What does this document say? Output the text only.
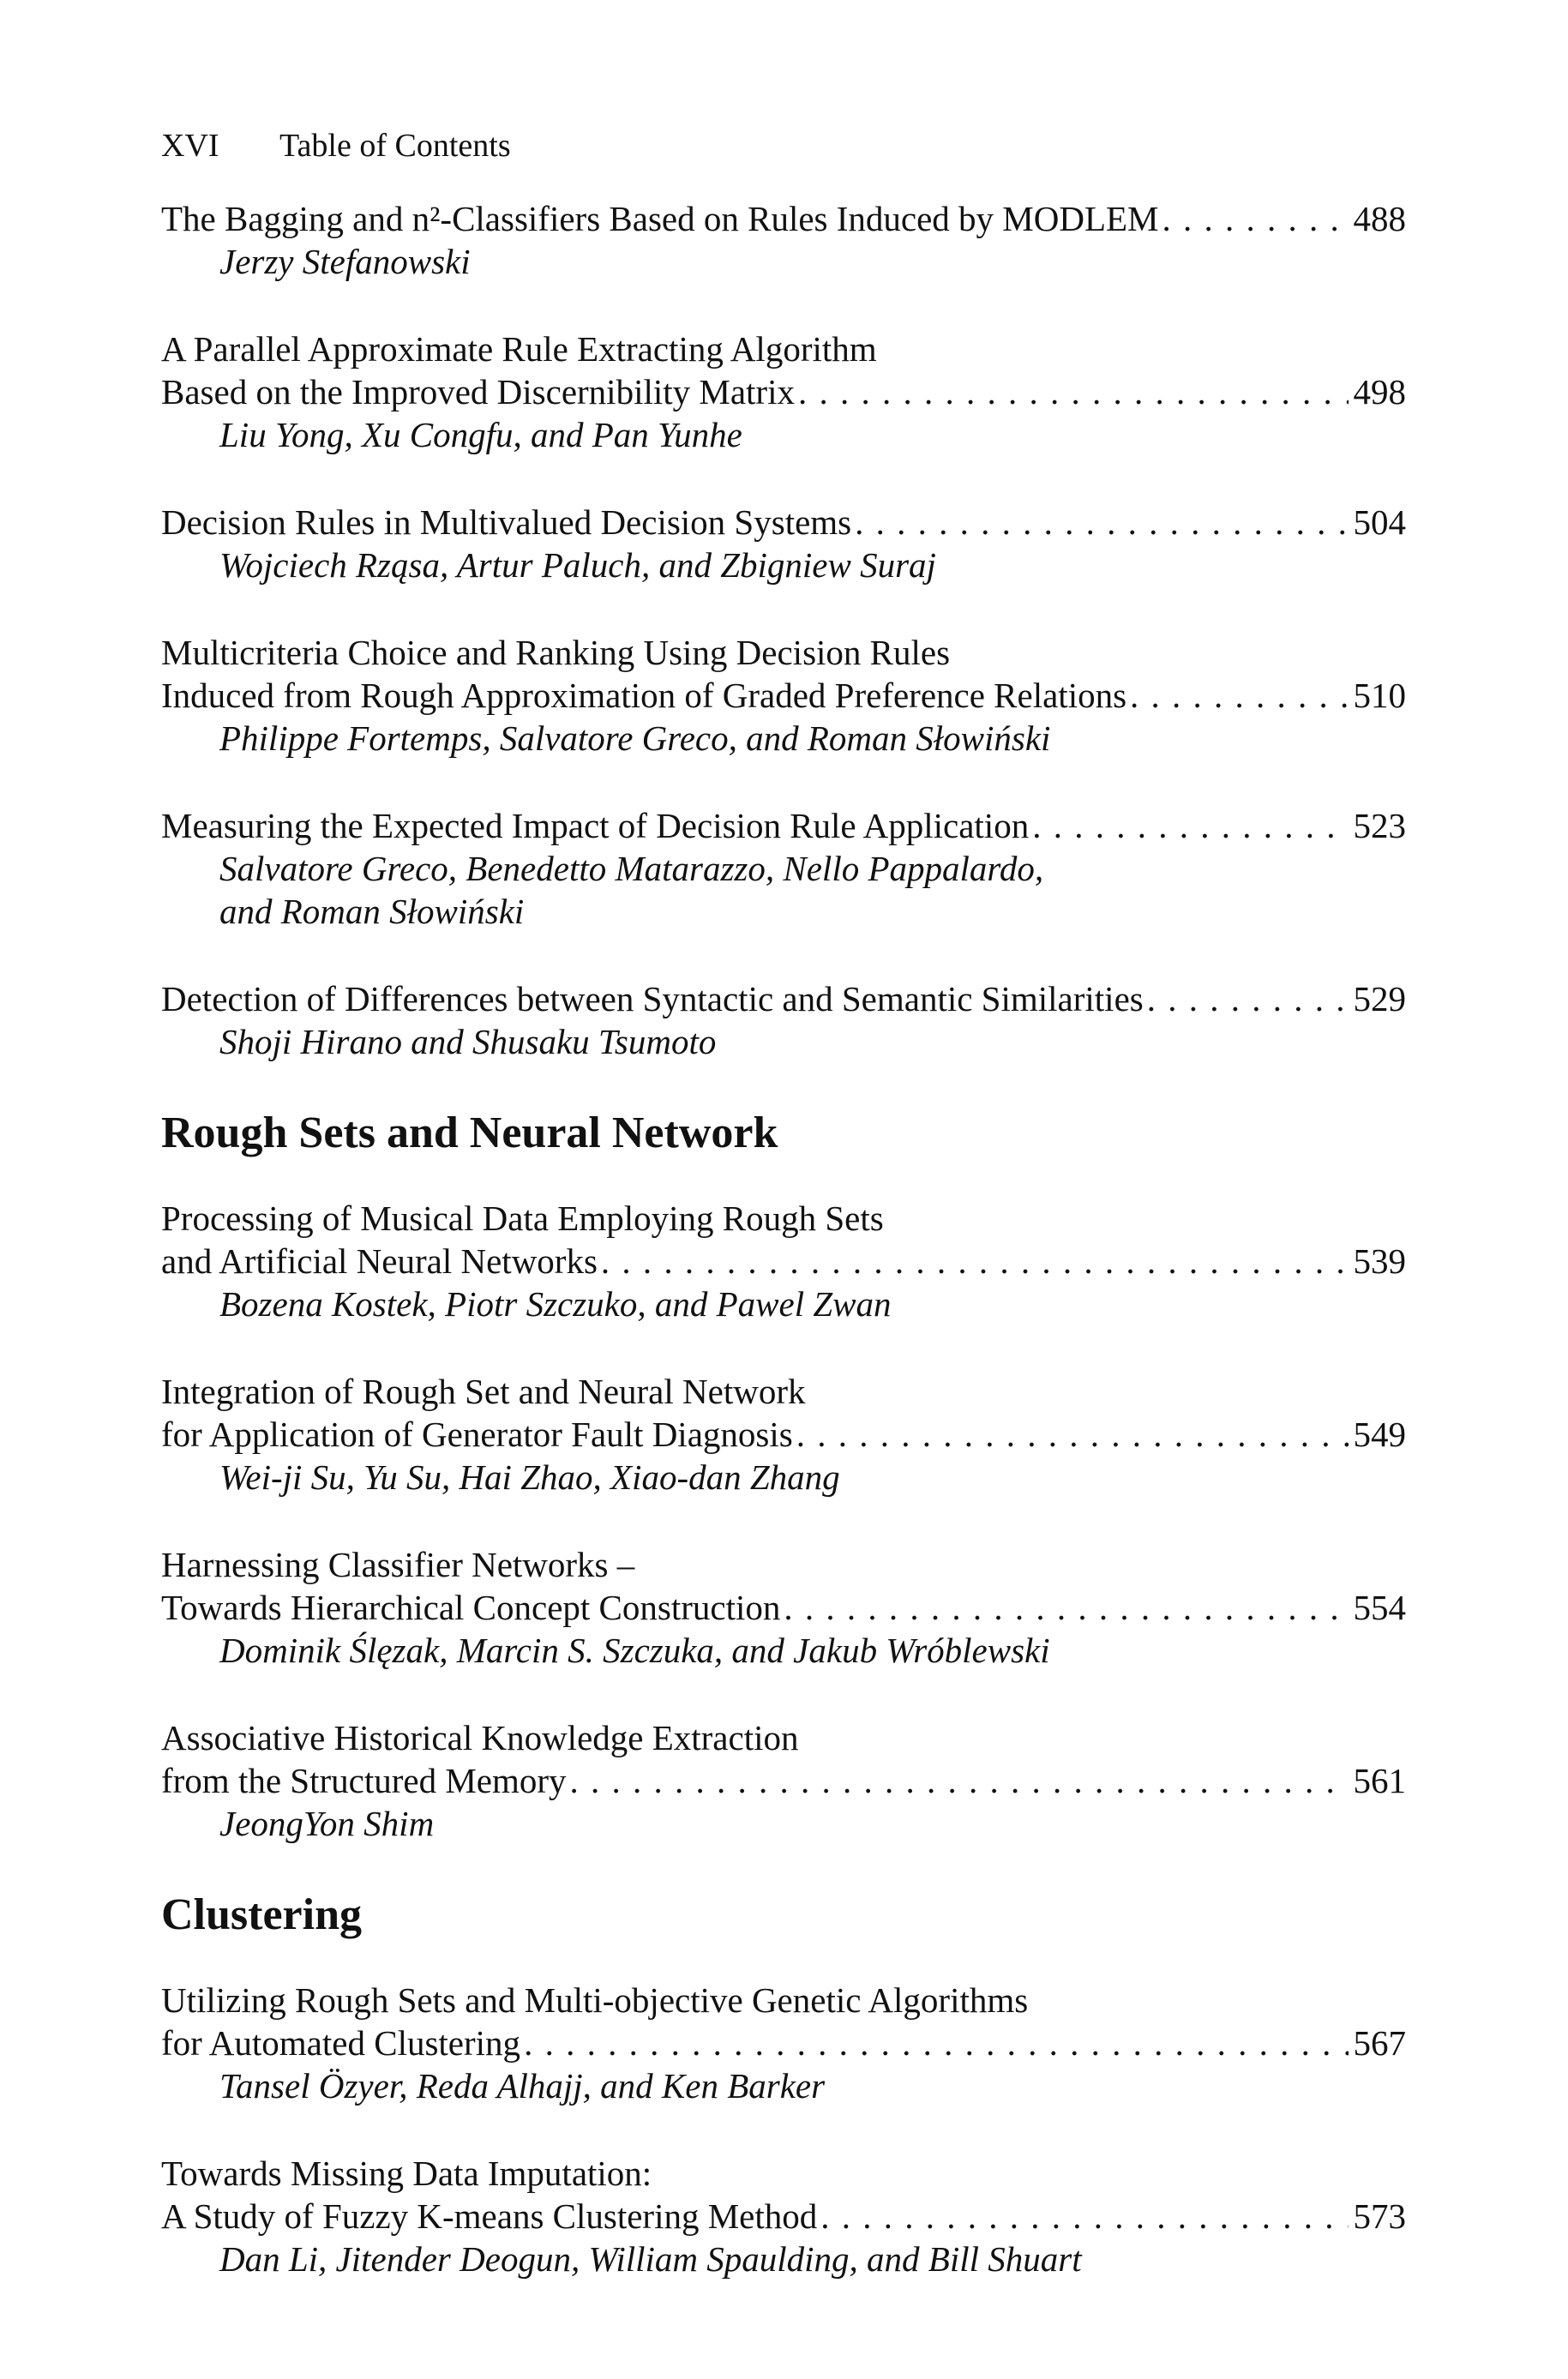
XVI Table of Contents
The Bagging and n²-Classifiers Based on Rules Induced by MODLEM . . .	488
Jerzy Stefanowski
A Parallel Approximate Rule Extracting Algorithm
Based on the Improved Discernibility Matrix . . .	498
Liu Yong, Xu Congfu, and Pan Yunhe
Decision Rules in Multivalued Decision Systems . . .	504
Wojciech Rząsa, Artur Paluch, and Zbigniew Suraj
Multicriteria Choice and Ranking Using Decision Rules
Induced from Rough Approximation of Graded Preference Relations . . .	510
Philippe Fortemps, Salvatore Greco, and Roman Słowiński
Measuring the Expected Impact of Decision Rule Application . . .	523
Salvatore Greco, Benedetto Matarazzo, Nello Pappalardo,
and Roman Słowiński
Detection of Differences between Syntactic and Semantic Similarities . . .	529
Shoji Hirano and Shusaku Tsumoto
Rough Sets and Neural Network
Processing of Musical Data Employing Rough Sets
and Artificial Neural Networks . . .	539
Bozena Kostek, Piotr Szczuko, and Pawel Zwan
Integration of Rough Set and Neural Network
for Application of Generator Fault Diagnosis . . .	549
Wei-ji Su, Yu Su, Hai Zhao, Xiao-dan Zhang
Harnessing Classifier Networks –
Towards Hierarchical Concept Construction . . .	554
Dominik Ślęzak, Marcin S. Szczuka, and Jakub Wróblewski
Associative Historical Knowledge Extraction
from the Structured Memory . . .	561
JeongYon Shim
Clustering
Utilizing Rough Sets and Multi-objective Genetic Algorithms
for Automated Clustering . . .	567
Tansel Özyer, Reda Alhajj, and Ken Barker
Towards Missing Data Imputation:
A Study of Fuzzy K-means Clustering Method . . .	573
Dan Li, Jitender Deogun, William Spaulding, and Bill Shuart
